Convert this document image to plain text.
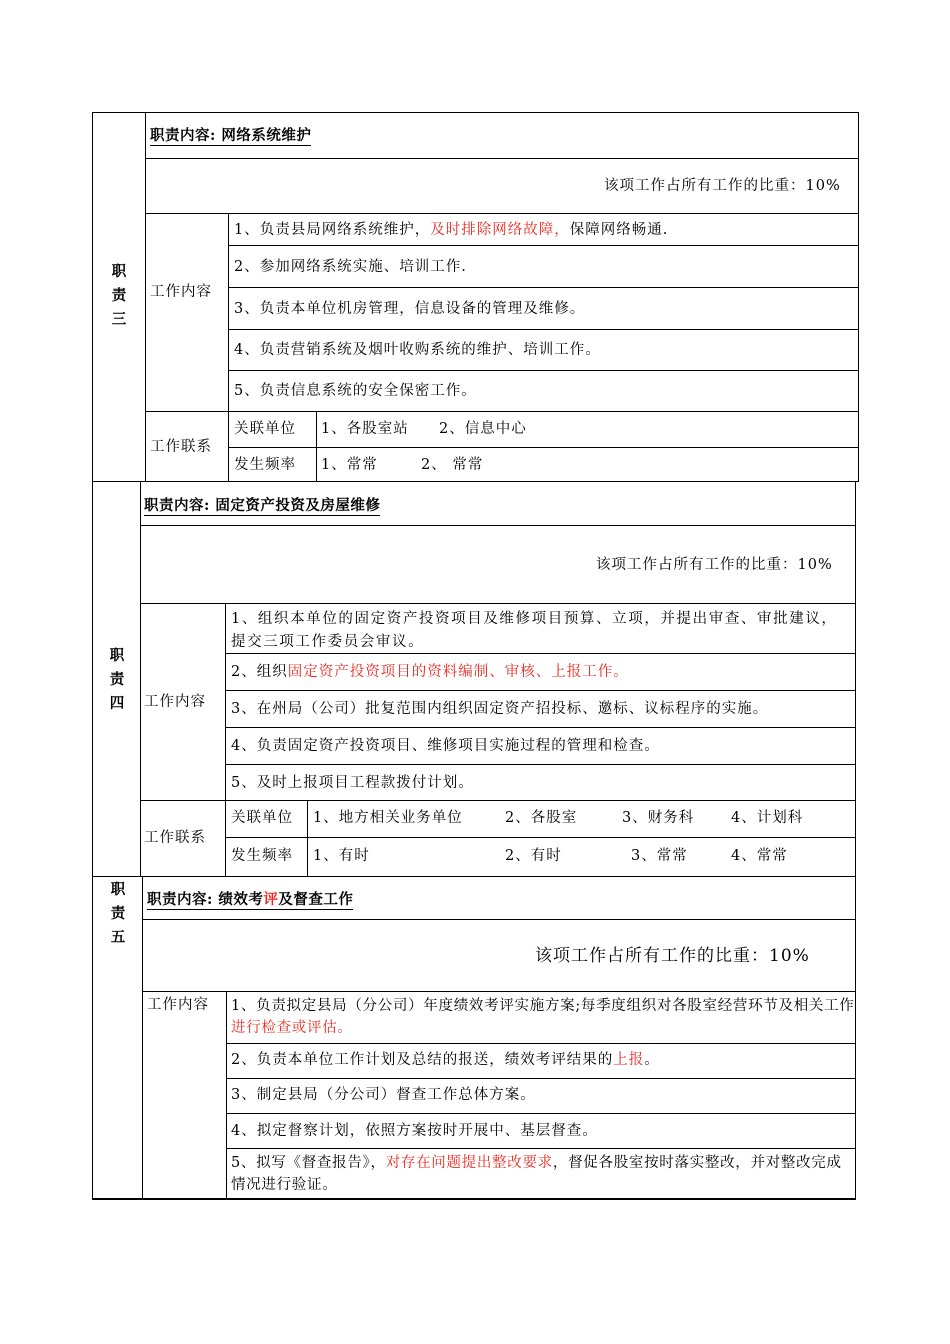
职
责
三
职责内容: 网络系统维护
该项工作占所有工作的比重：10%
工作内容
1、负责县局网络系统维护，及时排除网络故障，保障网络畅通.
2、参加网络系统实施、培训工作.
3、负责本单位机房管理，信息设备的管理及维修。
4、负责营销系统及烟叶收购系统的维护、培训工作。
5、负责信息系统的安全保密工作。
工作联系
关联单位 1、各股室站 2、信息中心
发生频率 1、常常	2、 常常
职
责
四
职责内容: 固定资产投资及房屋维修
该项工作占所有工作的比重：10%
工作内容
1、组织本单位的固定资产投资项目及维修项目预算、立项，并提出审查、审批建议，提交三项工作委员会审议。
2、组织固定资产投资项目的资料编制、审核、上报工作。
3、在州局（公司）批复范围内组织固定资产招投标、邀标、议标程序的实施。
4、负责固定资产投资项目、维修项目实施过程的管理和检查。
5、及时上报项目工程款拨付计划。
工作联系
关联单位 1、地方相关业务单位	2、各股室	3、财务科	4、计划科
发生频率 1、有时	2、有时	3、常常	4、常常
职
责
五
职责内容: 绩效考评及督查工作
该项工作占所有工作的比重：10%
工作内容 1、负责拟定县局（分公司）年度绩效考评实施方案;每季度组织对各股室经营环节及相关工作进行检查或评估。
2、负责本单位工作计划及总结的报送，绩效考评结果的上报。
3、制定县局（分公司）督查工作总体方案。
4、拟定督察计划，依照方案按时开展中、基层督查。
5、拟写《督查报告》，对存在问题提出整改要求，督促各股室按时落实整改，并对整改完成情况进行验证。
